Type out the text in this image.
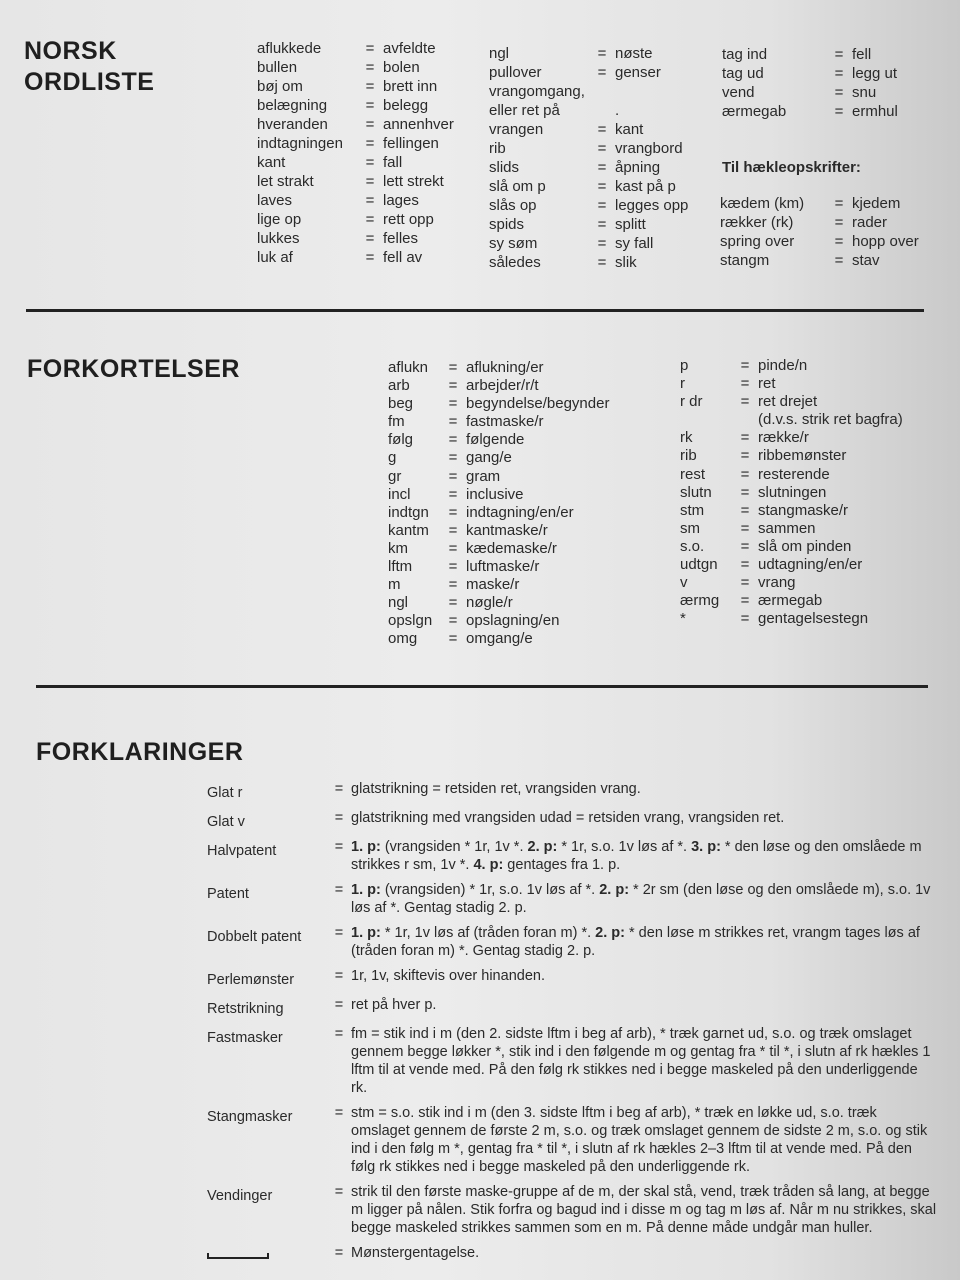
NORSK
ORDLISTE
aflukkede	= avfeldte
bullen	= bolen
bøj om	= brett inn
belægning	= belegg
hveranden	= annenhver
indtagningen	= fellingen
kant	= fall
let strakt	= lett strekt
laves	= lages
lige op	= rett opp
lukkes	= felles
luk af	= fell av
ngl	= nøste
pullover	= genser
vrangomgang,
eller ret på	.
vrangen	= kant
rib	= vrangbord
slids	= åpning
slå om p	= kast på p
slås op	= legges opp
spids	= splitt
sy søm	= sy fall
således	= slik
tag ind	= fell
tag ud	= legg ut
vend	= snu
ærmegab	= ermhul
Til hækleopskrifter:
kædem (km)	= kjedem
rækker (rk)	= rader
spring over	= hopp over
stangm	= stav
FORKORTELSER	aflukn	= aflukning/er
arb	= arbejder/r/t
beg	= begyndelse/begynder
fm	= fastmaske/r
følg	= følgende
g	= gang/e
gr	= gram
incl	= inclusive
indtgn	= indtagning/en/er
kantm	= kantmaske/r
km	= kædemaske/r
lftm	= luftmaske/r
m	= maske/r
ngl	= nøgle/r
opslgn	= opslagning/en
omg	= omgang/e
p	= pinde/n
r	= ret
r dr	= ret drejet
(d.v.s. strik ret bagfra)
rk	= række/r
rib	= ribbemønster
rest	= resterende
slutn	= slutningen
stm	= stangmaske/r
sm	= sammen
s.o.	= slå om pinden
udtgn	= udtagning/en/er
v	= vrang
ærmg	= ærmegab
*	= gentagelsestegn
FORKLARINGER
Glat r	= glatstrikning = retsiden ret, vrangsiden vrang.
Glat v	= glatstrikning med vrangsiden udad = retsiden vrang, vrangsiden ret.
Halvpatent	= 1. p: (vrangsiden * 1r, 1v *. 2. p: * 1r, s.o. 1v løs af *. 3. p: * den løse og den omslåede m strikkes r sm, 1v *. 4. p: gentages fra 1. p.
Patent	= 1. p: (vrangsiden) * 1r, s.o. 1v løs af *. 2. p: * 2r sm (den løse og den omslåede m), s.o. 1v løs af *. Gentag stadig 2. p.
Dobbelt patent	= 1. p: * 1r, 1v løs af (tråden foran m) *. 2. p: * den løse m strikkes ret, vrangm tages løs af (tråden foran m) *. Gentag stadig 2. p.
Perlemønster	= 1r, 1v, skiftevis over hinanden.
Retstrikning	= ret på hver p.
Fastmasker	= fm = stik ind i m (den 2. sidste lftm i beg af arb), * træk garnet ud, s.o. og træk omslaget gennem begge løkker *, stik ind i den følgende m og gentag fra * til *, i slutn af rk hækles 1 lftm til at vende med. På den følg rk stikkes ned i begge maskeled på den underliggende rk.
Stangmasker	= stm = s.o. stik ind i m (den 3. sidste lftm i beg af arb), * træk en løkke ud, s.o. træk omslaget gennem de første 2 m, s.o. og træk omslaget gennem de sidste 2 m, s.o. og stik ind i den følg m *, gentag fra * til *, i slutn af rk hækles 2–3 lftm til at vende med. På den følg rk stikkes ned i begge maskeled på den underliggende rk.
Vendinger	= strik til den første maske-gruppe af de m, der skal stå, vend, træk tråden så lang, at begge m ligger på nålen. Stik forfra og bagud ind i disse m og tag m løs af. Når m nu strikkes, skal begge maskeled strikkes sammen som en m. På denne måde undgår man huller.
= Mønstergentagelse.
